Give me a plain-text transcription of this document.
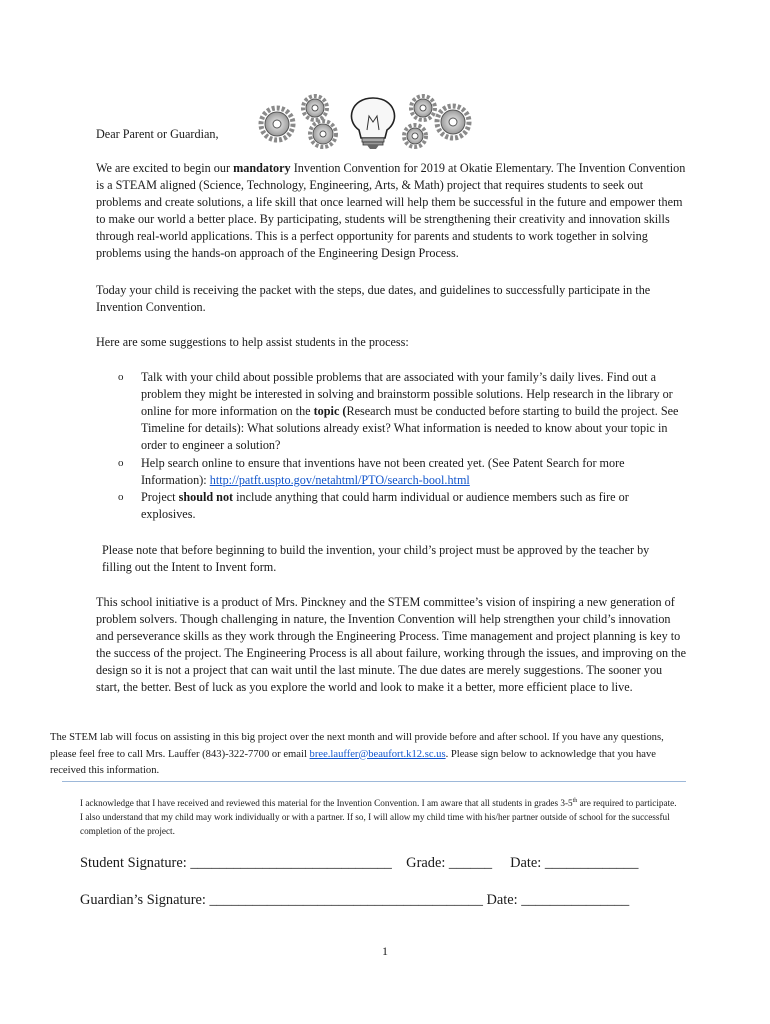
Dear Parent or Guardian,
We are excited to begin our mandatory Invention Convention for 2019 at Okatie Elementary. The Invention Convention is a STEAM aligned (Science, Technology, Engineering, Arts, & Math) project that requires students to seek out problems and create solutions, a life skill that once learned will help them be successful in the future and empower them to make our world a better place. By participating, students will be strengthening their creativity and innovation skills through real-world applications. This is a perfect opportunity for parents and students to work together in solving problems using the hands-on approach of the Engineering Design Process.
Today your child is receiving the packet with the steps, due dates, and guidelines to successfully participate in the Invention Convention.
Here are some suggestions to help assist students in the process:
o Talk with your child about possible problems that are associated with your family’s daily lives. Find out a problem they might be interested in solving and brainstorm possible solutions. Help research in the library or online for more information on the topic (Research must be conducted before starting to build the project. See Timeline for details): What solutions already exist? What information is needed to know about your topic in order to engineer a solution?
o Help search online to ensure that inventions have not been created yet. (See Patent Search for more Information): http://patft.uspto.gov/netahtml/PTO/search-bool.html
o Project should not include anything that could harm individual or audience members such as fire or explosives.
Please note that before beginning to build the invention, your child’s project must be approved by the teacher by filling out the Intent to Invent form.
This school initiative is a product of Mrs. Pinckney and the STEM committee’s vision of inspiring a new generation of problem solvers. Though challenging in nature, the Invention Convention will help strengthen your child’s innovation and perseverance skills as they work through the Engineering Process. Time management and project planning is key to the success of the project. The Engineering Process is all about failure, working through the issues, and improving on the design so it is not a project that can wait until the last minute. The due dates are merely suggestions. The sooner you start, the better. Best of luck as you explore the world and look to make it a better, more efficient place to live.
The STEM lab will focus on assisting in this big project over the next month and will provide before and after school. If you have any questions, please feel free to call Mrs. Lauffer (843)-322-7700 or email bree.lauffer@beaufort.k12.sc.us. Please sign below to acknowledge that you have received this information.
I acknowledge that I have received and reviewed this material for the Invention Convention. I am aware that all students in grades 3-5th are required to participate. I also understand that my child may work individually or with a partner. If so, I will allow my child time with his/her partner outside of school for the successful completion of the project.
Student Signature: ____________________________    Grade: ______     Date: _____________
Guardian’s Signature: ______________________________________ Date: _______________
1
